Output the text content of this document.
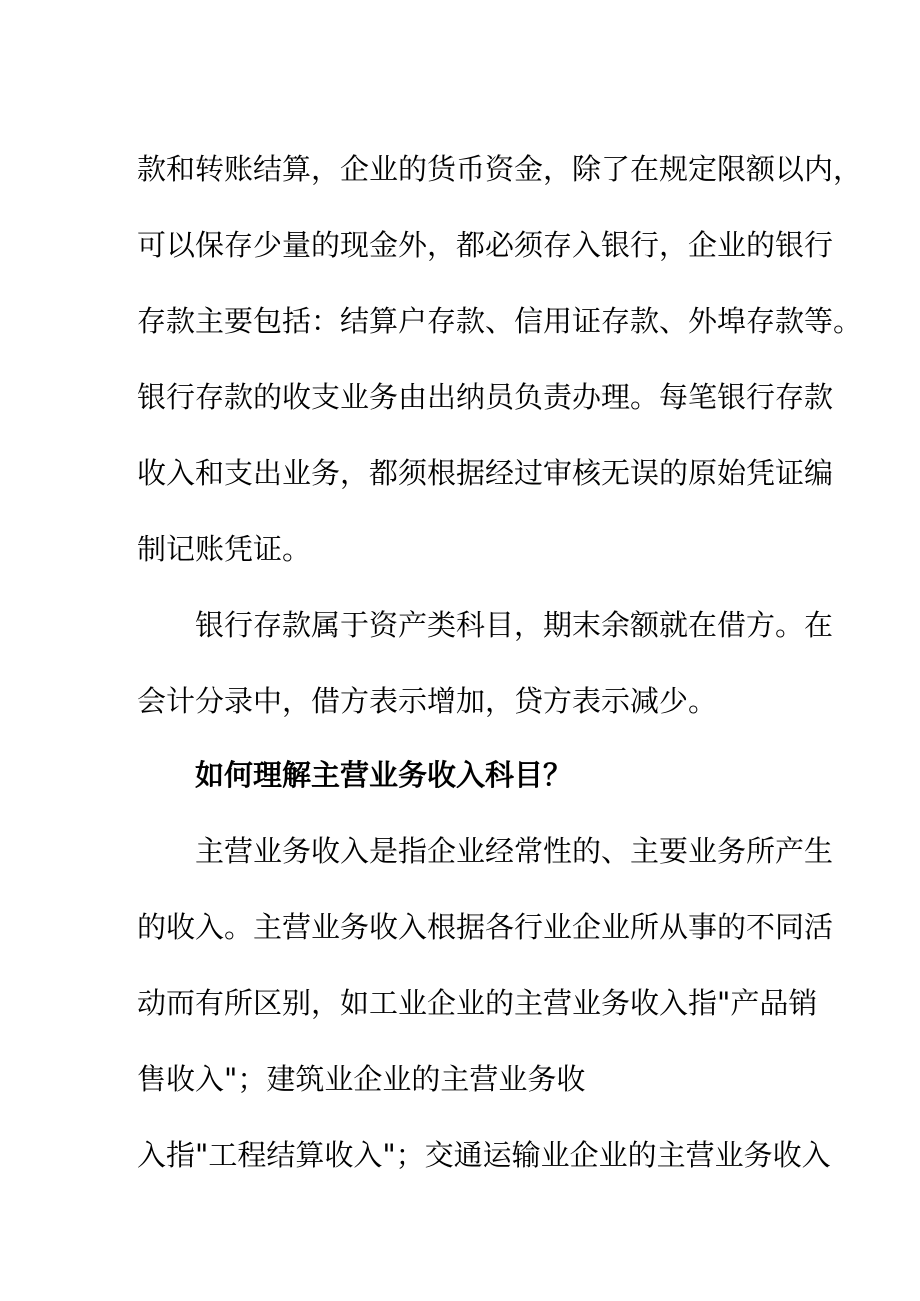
款和转账结算，企业的货币资金，除了在规定限额以内，
可以保存少量的现金外，都必须存入银行，企业的银行
存款主要包括：结算户存款、信用证存款、外埠存款等。
银行存款的收支业务由出纳员负责办理。每笔银行存款
收入和支出业务，都须根据经过审核无误的原始凭证编
制记账凭证。
银行存款属于资产类科目，期末余额就在借方。在
会计分录中，借方表示增加，贷方表示减少。
如何理解主营业务收入科目？
主营业务收入是指企业经常性的、主要业务所产生
的收入。主营业务收入根据各行业企业所从事的不同活
动而有所区别，如工业企业的主营业务收入指"产品销
售收入"；建筑业企业的主营业务收
入指"工程结算收入"；交通运输业企业的主营业务收入
